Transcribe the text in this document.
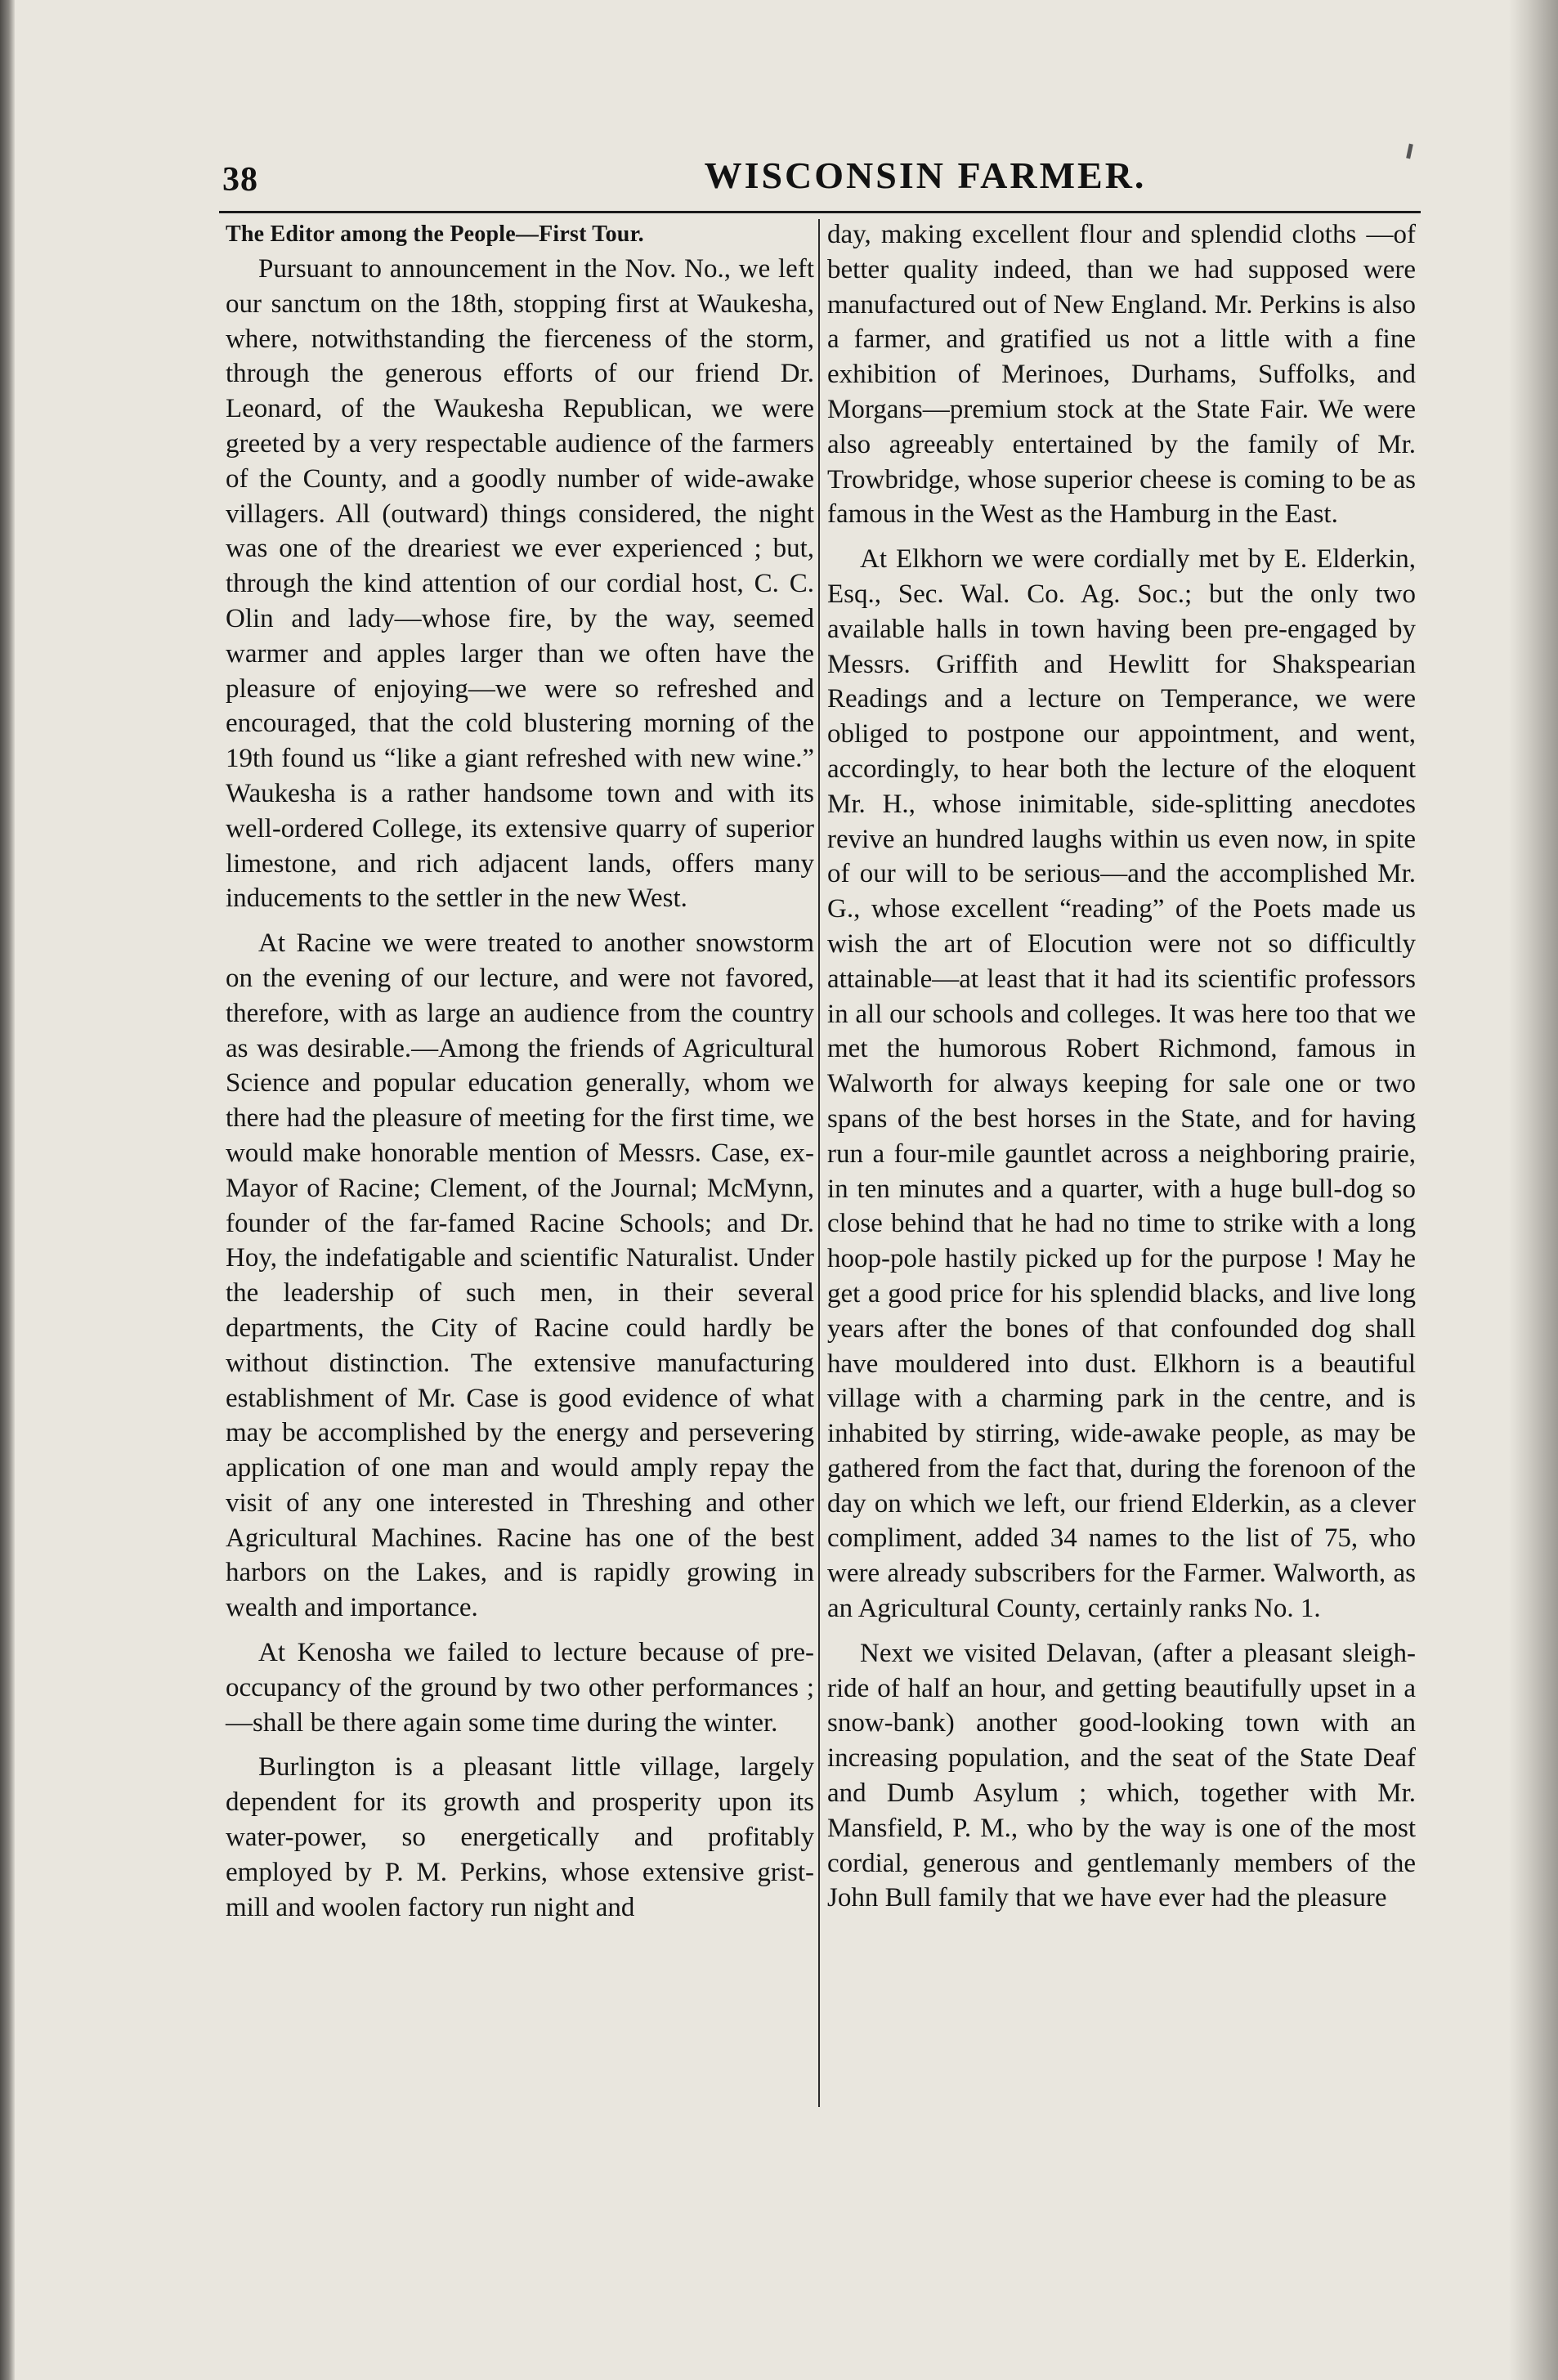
38	WISCONSIN FARMER.
The Editor among the People—First Tour.

Pursuant to announcement in the Nov. No., we left our sanctum on the 18th, stopping first at Waukesha, where, notwithstanding the fierceness of the storm, through the generous efforts of our friend Dr. Leonard, of the Waukesha Republican, we were greeted by a very respectable audience of the farmers of the County, and a goodly number of wide-awake villagers. All (outward) things considered, the night was one of the dreariest we ever experienced ; but, through the kind attention of our cordial host, C. C. Olin and lady—whose fire, by the way, seemed warmer and apples larger than we often have the pleasure of enjoying—we were so refreshed and encouraged, that the cold blustering morning of the 19th found us “like a giant refreshed with new wine.” Waukesha is a rather handsome town and with its well-ordered College, its extensive quarry of superior limestone, and rich adjacent lands, offers many inducements to the settler in the new West.

At Racine we were treated to another snowstorm on the evening of our lecture, and were not favored, therefore, with as large an audience from the country as was desirable.—Among the friends of Agricultural Science and popular education generally, whom we there had the pleasure of meeting for the first time, we would make honorable mention of Messrs. Case, ex-Mayor of Racine; Clement, of the Journal; McMynn, founder of the far-famed Racine Schools; and Dr. Hoy, the indefatigable and scientific Naturalist. Under the leadership of such men, in their several departments, the City of Racine could hardly be without distinction. The extensive manufacturing establishment of Mr. Case is good evidence of what may be accomplished by the energy and persevering application of one man and would amply repay the visit of any one interested in Threshing and other Agricultural Machines. Racine has one of the best harbors on the Lakes, and is rapidly growing in wealth and importance.

At Kenosha we failed to lecture because of pre-occupancy of the ground by two other performances ;—shall be there again some time during the winter.

Burlington is a pleasant little village, largely dependent for its growth and prosperity upon its water-power, so energetically and profitably employed by P. M. Perkins, whose extensive grist-mill and woolen factory run night and

day, making excellent flour and splendid cloths —of better quality indeed, than we had supposed were manufactured out of New England. Mr. Perkins is also a farmer, and gratified us not a little with a fine exhibition of Merinoes, Durhams, Suffolks, and Morgans—premium stock at the State Fair. We were also agreeably entertained by the family of Mr. Trowbridge, whose superior cheese is coming to be as famous in the West as the Hamburg in the East.

At Elkhorn we were cordially met by E. Elderkin, Esq., Sec. Wal. Co. Ag. Soc.; but the only two available halls in town having been pre-engaged by Messrs. Griffith and Hewlitt for Shakspearian Readings and a lecture on Temperance, we were obliged to postpone our appointment, and went, accordingly, to hear both the lecture of the eloquent Mr. H., whose inimitable, side-splitting anecdotes revive an hundred laughs within us even now, in spite of our will to be serious—and the accomplished Mr. G., whose excellent “reading” of the Poets made us wish the art of Elocution were not so difficultly attainable—at least that it had its scientific professors in all our schools and colleges. It was here too that we met the humorous Robert Richmond, famous in Walworth for always keeping for sale one or two spans of the best horses in the State, and for having run a four-mile gauntlet across a neighboring prairie, in ten minutes and a quarter, with a huge bull-dog so close behind that he had no time to strike with a long hoop-pole hastily picked up for the purpose ! May he get a good price for his splendid blacks, and live long years after the bones of that confounded dog shall have mouldered into dust. Elkhorn is a beautiful village with a charming park in the centre, and is inhabited by stirring, wide-awake people, as may be gathered from the fact that, during the forenoon of the day on which we left, our friend Elderkin, as a clever compliment, added 34 names to the list of 75, who were already subscribers for the Farmer. Walworth, as an Agricultural County, certainly ranks No. 1.

Next we visited Delavan, (after a pleasant sleigh-ride of half an hour, and getting beautifully upset in a snow-bank) another good-looking town with an increasing population, and the seat of the State Deaf and Dumb Asylum ; which, together with Mr. Mansfield, P. M., who by the way is one of the most cordial, generous and gentlemanly members of the John Bull family that we have ever had the pleasure
